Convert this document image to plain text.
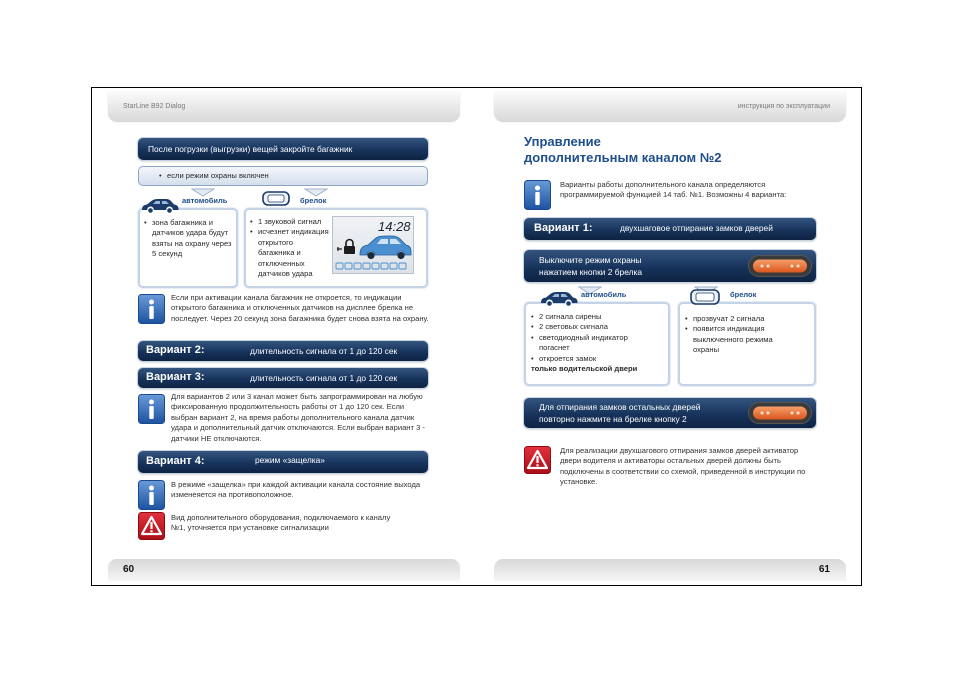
StarLine B92 Dialog
После погрузки (выгрузки) вещей закройте багажник
• если режим охраны включен
• зона багажника и датчиков удара будут взяты на охрану через 5 секунд
автомобиль
• 1 звуковой сигнал
• исчезнет индикация открытого багажника и отключенных датчиков удара
14:28
брелок
Если при активации канала багажник не откроется, то индикации открытого багажника и отключенных датчиков на дисплее брелка не последует. Через 20 секунд зона багажника будет снова взята на охрану.
Вариант 2:	длительность сигнала от 1 до 120 сек
Вариант 3:	длительность сигнала от 1 до 120 сек
Для вариантов 2 или 3 канал может быть запрограммирован на любую фиксированную продолжительность работы от 1 до 120 сек. Если выбран вариант 2, на время работы дополнительного канала датчик удара и дополнительный датчик отключаются. Если выбран вариант 3 - датчики НЕ отключаются.
Вариант 4:	режим «защелка»
В режиме «защелка» при каждой активации канала состояние выхода изменеяется на противоположное.
Вид дополнительного оборудования, подключаемого к каналу №1, уточняется при установке сигнализации
60
инструкция по эксплуатации
Управление
дополнительным каналом №2
Варианты работы дополнительного канала определяются программируемой функцией 14 таб. №1. Возможны 4 варианта:
Вариант 1:	двухшаговое отпирание замков дверей
Выключите режим охраны нажатием кнопки 2 брелка
• 2 сигнала сирены
• 2 световых сигнала
• светодиодный индикатор погаснет
• откроется замок
только водительской двери
автомобиль
• прозвучат 2 сигнала
• появится индикация выключенного режима охраны
брелок
Для отпирания замков остальных дверей повторно нажмите на брелке кнопку 2
Для реализации двухшагового отпирания замков дверей активатор двери водителя и активаторы остальных дверей должны быть подключены в соответствии со схемой, приведенной в инструкции по установке.
61
